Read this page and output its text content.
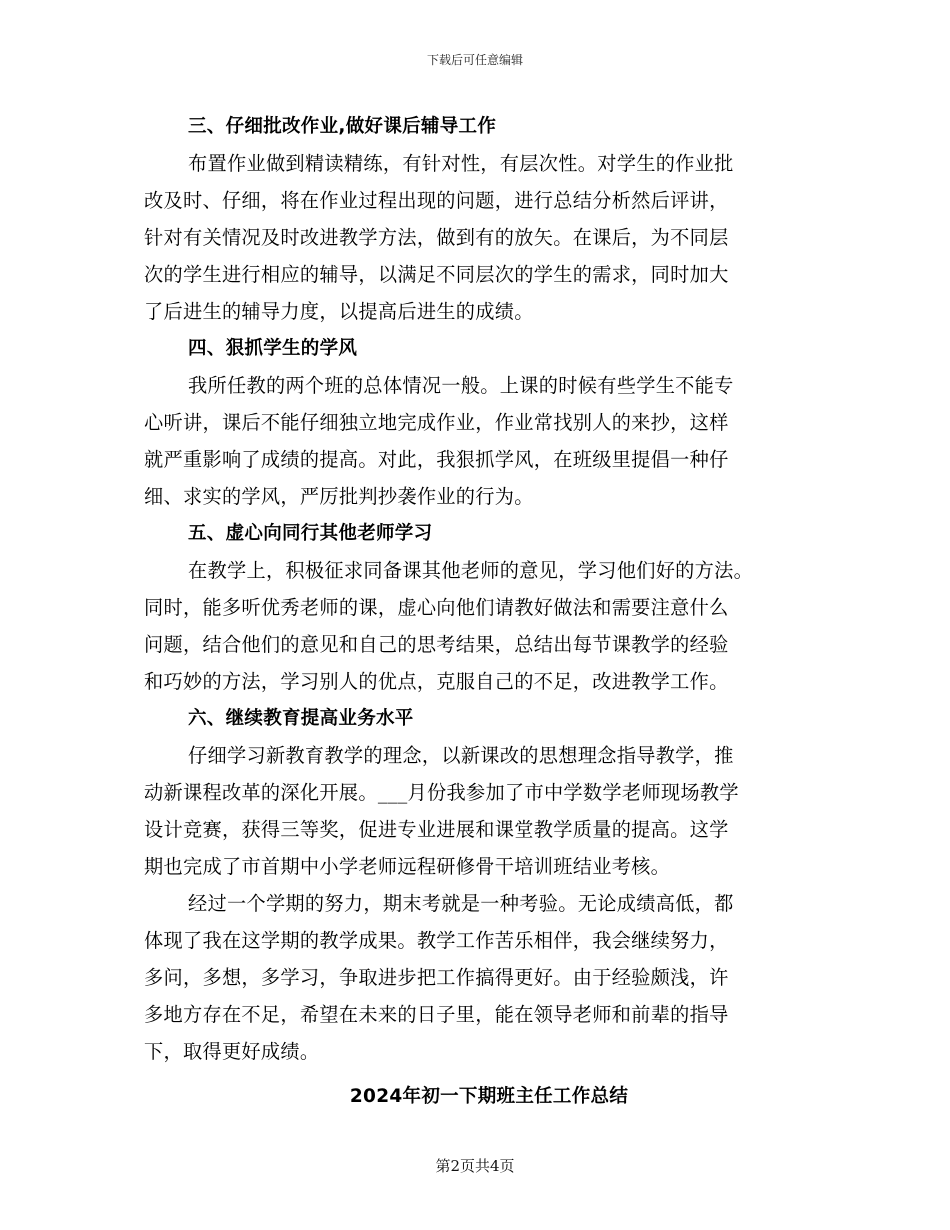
下载后可任意编辑
三、仔细批改作业,做好课后辅导工作
布置作业做到精读精练，有针对性，有层次性。对学生的作业批
改及时、仔细，将在作业过程出现的问题，进行总结分析然后评讲，
针对有关情况及时改进教学方法，做到有的放矢。在课后，为不同层
次的学生进行相应的辅导，以满足不同层次的学生的需求，同时加大
了后进生的辅导力度，以提高后进生的成绩。
四、狠抓学生的学风
我所任教的两个班的总体情况一般。上课的时候有些学生不能专
心听讲，课后不能仔细独立地完成作业，作业常找别人的来抄，这样
就严重影响了成绩的提高。对此，我狠抓学风，在班级里提倡一种仔
细、求实的学风，严厉批判抄袭作业的行为。
五、虚心向同行其他老师学习
在教学上，积极征求同备课其他老师的意见，学习他们好的方法。
同时，能多听优秀老师的课，虚心向他们请教好做法和需要注意什么
问题，结合他们的意见和自己的思考结果，总结出每节课教学的经验
和巧妙的方法，学习别人的优点，克服自己的不足，改进教学工作。
六、继续教育提高业务水平
仔细学习新教育教学的理念，以新课改的思想理念指导教学，推
动新课程改革的深化开展。___月份我参加了市中学数学老师现场教学
设计竞赛，获得三等奖，促进专业进展和课堂教学质量的提高。这学
期也完成了市首期中小学老师远程研修骨干培训班结业考核。
经过一个学期的努力，期末考就是一种考验。无论成绩高低，都
体现了我在这学期的教学成果。教学工作苦乐相伴，我会继续努力，
多问，多想，多学习，争取进步把工作搞得更好。由于经验颇浅，许
多地方存在不足，希望在未来的日子里，能在领导老师和前辈的指导
下，取得更好成绩。
2024年初一下期班主任工作总结
第2页共4页
